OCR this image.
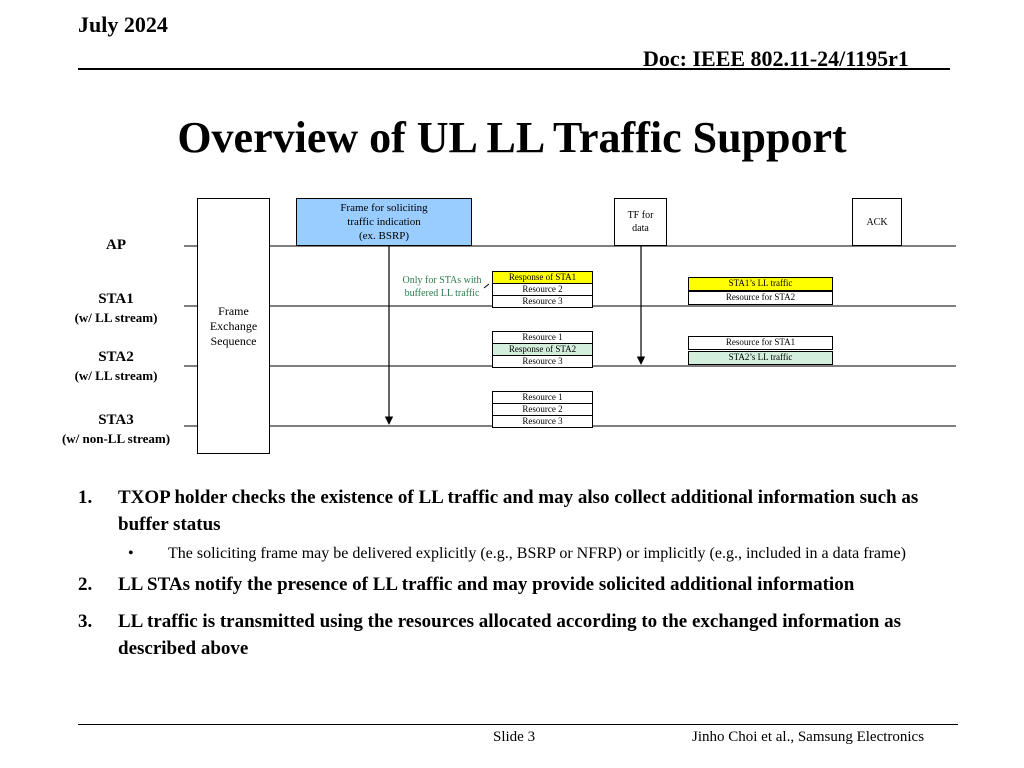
July 2024
Doc: IEEE 802.11-24/1195r1
Overview of UL LL Traffic Support
AP
STA1
(w/ LL stream)
STA2
(w/ LL stream)
STA3
(w/ non-LL stream)
Frame
Exchange
Sequence
Frame for soliciting
traffic indication
(ex. BSRP)
Only for STAs with
buffered LL traffic
TF for
data
ACK
Response of STA1
Resource 2
Resource 3
Resource 1
Response of STA2
Resource 3
Resource 1
Resource 2
Resource 3
STA1’s LL traffic
Resource for STA2
Resource for STA1
STA2’s LL traffic
1. TXOP holder checks the existence of LL traffic and may also collect additional information such as buffer status
• The soliciting frame may be delivered explicitly (e.g., BSRP or NFRP) or implicitly (e.g., included in a data frame)
2. LL STAs notify the presence of LL traffic and may provide solicited additional information
3. LL traffic is transmitted using the resources allocated according to the exchanged information as described above
Slide 3	Jinho Choi et al., Samsung Electronics
